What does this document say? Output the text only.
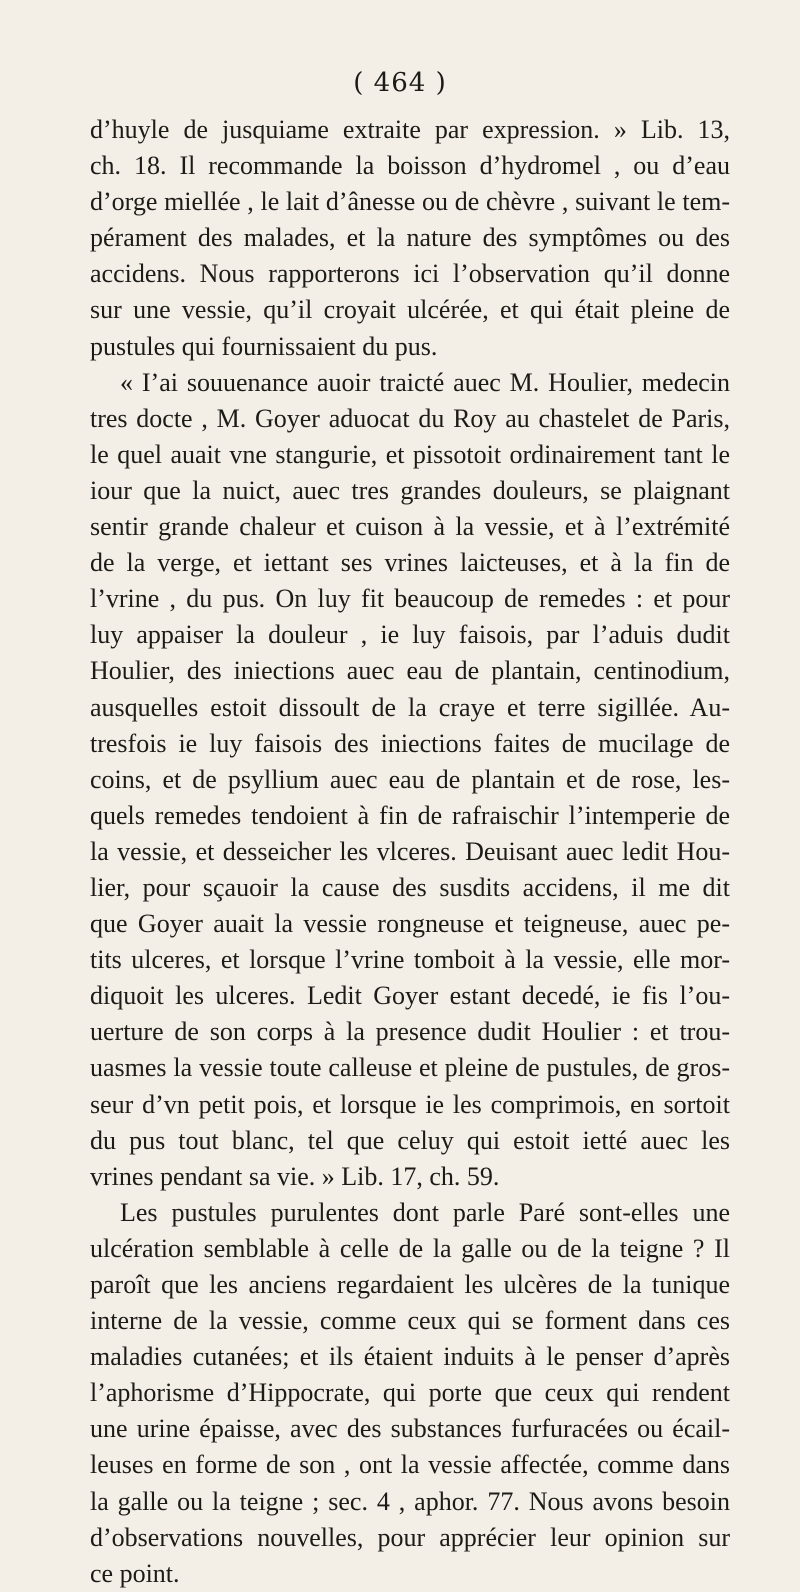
( 464 )
d’huyle de jusquiame extraite par expression. » Lib. 13,
ch. 18. Il recommande la boisson d’hydromel , ou d’eau
d’orge miellée , le lait d’ânesse ou de chèvre , suivant le tem-
pérament des malades, et la nature des symptômes ou des
accidens. Nous rapporterons ici l’observation qu’il donne
sur une vessie, qu’il croyait ulcérée, et qui était pleine de
pustules qui fournissaient du pus.
« I’ai souuenance auoir traicté auec M. Houlier, medecin
tres docte , M. Goyer aduocat du Roy au chastelet de Paris,
le quel auait vne stangurie, et pissotoit ordinairement tant le
iour que la nuict, auec tres grandes douleurs, se plaignant
sentir grande chaleur et cuison à la vessie, et à l’extrémité
de la verge, et iettant ses vrines laicteuses, et à la fin de
l’vrine , du pus. On luy fit beaucoup de remedes : et pour
luy appaiser la douleur , ie luy faisois, par l’aduis dudit
Houlier, des iniections auec eau de plantain, centinodium,
ausquelles estoit dissoult de la craye et terre sigillée. Au-
tresfois ie luy faisois des iniections faites de mucilage de
coins, et de psyllium auec eau de plantain et de rose, les-
quels remedes tendoient à fin de rafraischir l’intemperie de
la vessie, et desseicher les vlceres. Deuisant auec ledit Hou-
lier, pour sçauoir la cause des susdits accidens, il me dit
que Goyer auait la vessie rongneuse et teigneuse, auec pe-
tits ulceres, et lorsque l’vrine tomboit à la vessie, elle mor-
diquoit les ulceres. Ledit Goyer estant decedé, ie fis l’ou-
uerture de son corps à la presence dudit Houlier : et trou-
uasmes la vessie toute calleuse et pleine de pustules, de gros-
seur d’vn petit pois, et lorsque ie les comprimois, en sortoit
du pus tout blanc, tel que celuy qui estoit ietté auec les
vrines pendant sa vie. » Lib. 17, ch. 59.
Les pustules purulentes dont parle Paré sont-elles une
ulcération semblable à celle de la galle ou de la teigne ? Il
paroît que les anciens regardaient les ulcères de la tunique
interne de la vessie, comme ceux qui se forment dans ces
maladies cutanées; et ils étaient induits à le penser d’après
l’aphorisme d’Hippocrate, qui porte que ceux qui rendent
une urine épaisse, avec des substances furfuracées ou écail-
leuses en forme de son , ont la vessie affectée, comme dans
la galle ou la teigne ; sec. 4 , aphor. 77. Nous avons besoin
d’observations nouvelles, pour apprécier leur opinion sur
ce point.
